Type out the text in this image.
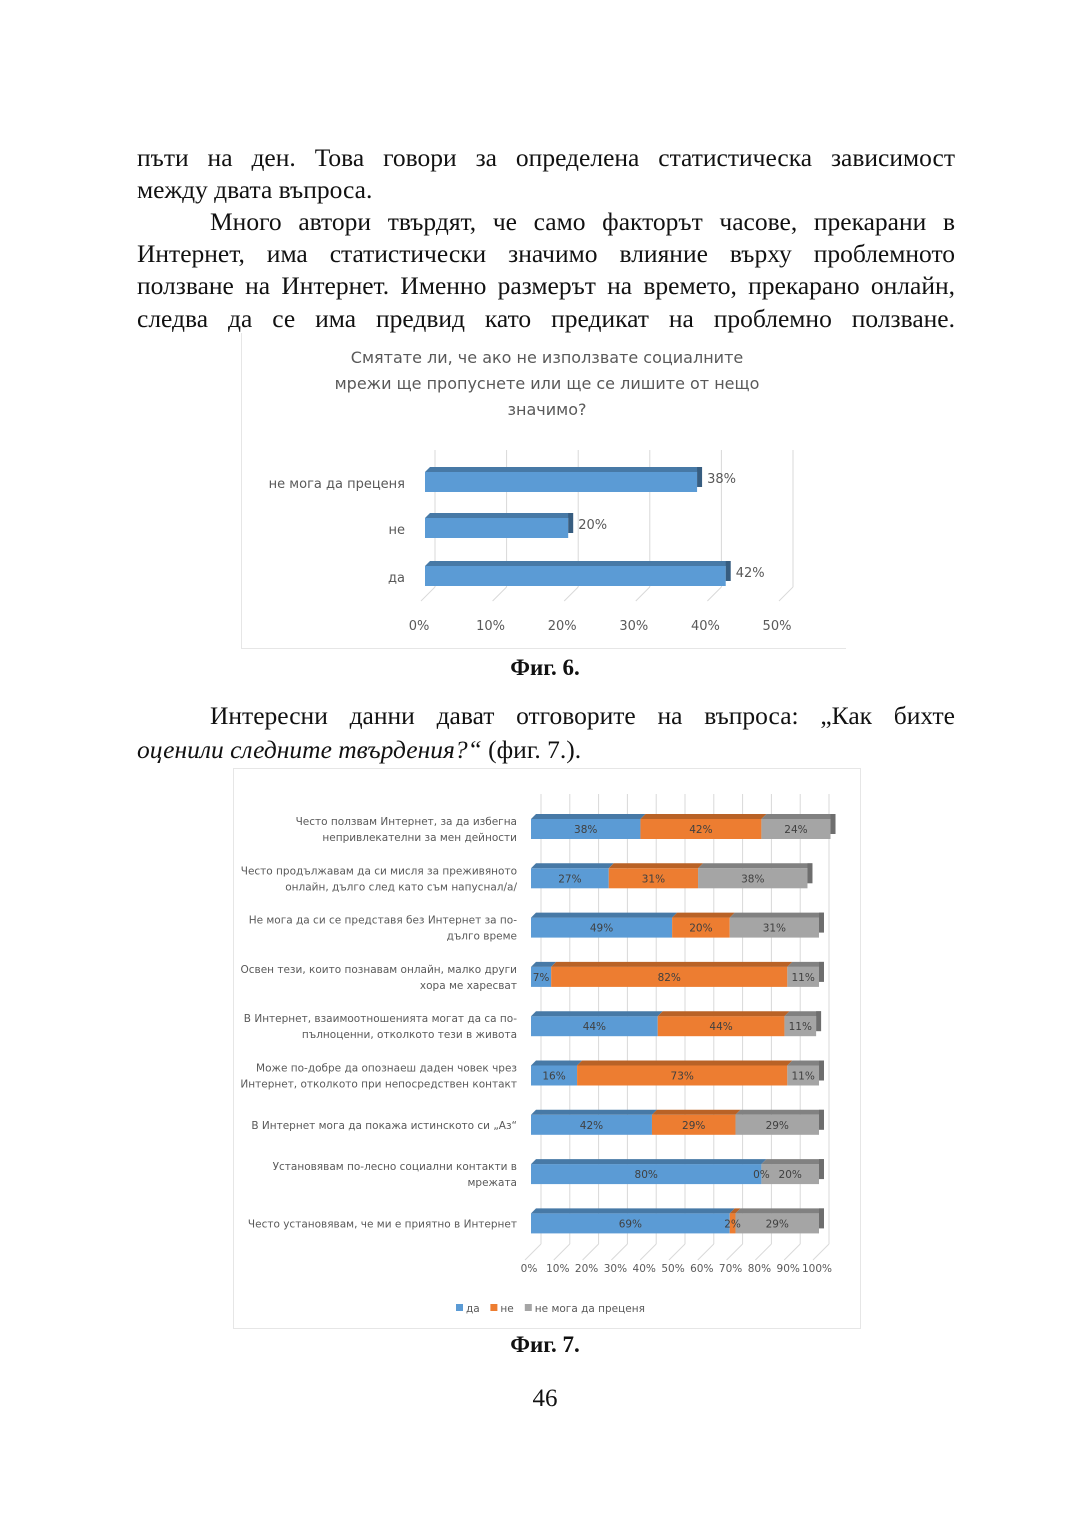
пъти на ден. Това говори за определена статистическа зависимост
между двата въпроса.
Много автори твърдят, че само факторът часове, прекарани в
Интернет, има статистически значимо влияние върху проблемното
ползване на Интернет. Именно размерът на времето, прекарано онлайн,
следва да се има предвид като предикат на проблемно ползване.
Смятате ли, че ако не използвате социалните
мрежи ще пропуснете или ще се лишите от нещо
значимо?
0%	10%	20%	30%	40%	50%
не мога да преценя
не
да
38%
20%
42%
Фиг. 6.
Интересни данни дават отговорите на въпроса: „Как бихте
оценили следните твърдения?“ (фиг. 7.).
0% 10% 20% 30% 40% 50% 60% 70% 80% 90% 100%
Често ползвам Интернет, за да избегна
непривлекателни за мен дейности
Често продължавам да си мисля за преживяното
онлайн, дълго след като съм напуснал/а/
Не мога да си се представя без Интернет за по-
дълго време
Освен тези, които познавам онлайн, малко други
хора ме харесват
В Интернет, взаимоотношенията могат да са по-
пълноценни, отколкото тези в живота
Може по-добре да опознаеш даден човек чрез
Интернет, отколкото при непосредствен контакт
В Интернет мога да покажа истинското си „Аз“
Установявам по-лесно социални контакти в
мрежата
Често установявам, че ми е приятно в Интернет
38%	42%	24%
27%	31%	38%
49%	20%	31%
7%	82%	11%
44%	44%	11%
16%	73%	11%
42%	29%	29%
80%	0% 20%
69%	2% 29%
да не не мога да преценя
Фиг. 7.
46
